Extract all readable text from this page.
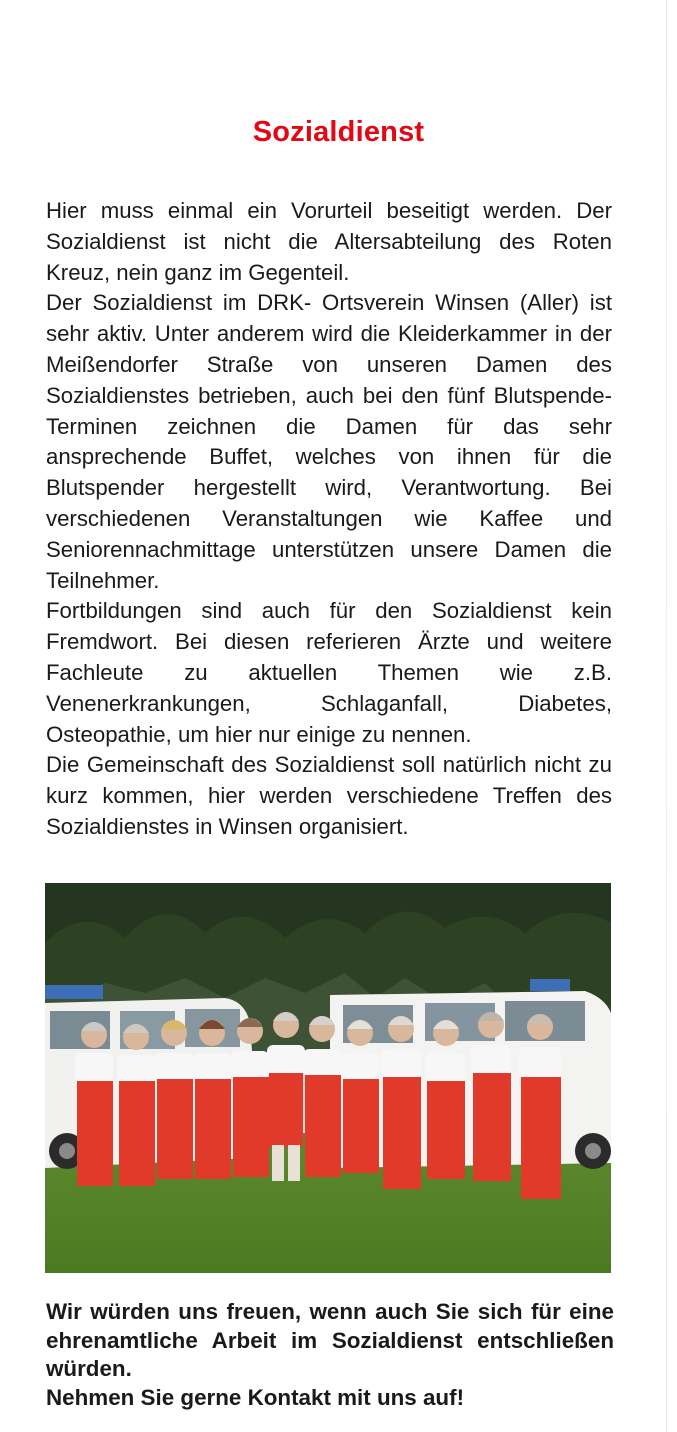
Sozialdienst

Hier muss einmal ein Vorurteil beseitigt werden. Der Sozialdienst ist nicht die Altersabteilung des Roten Kreuz, nein ganz im Gegenteil.

Der Sozialdienst im DRK- Ortsverein Winsen (Aller) ist sehr aktiv. Unter anderem wird die Kleiderkammer in der Meißendorfer Straße von unseren Damen des Sozialdienstes betrieben, auch bei den fünf Blutspende-Terminen zeichnen die Damen für das sehr ansprechende Buffet, welches von ihnen für die Blutspender hergestellt wird, Verantwortung. Bei verschiedenen Veranstaltungen wie Kaffee und Seniorennachmittage unterstützen unsere Damen die Teilnehmer.

Fortbildungen sind auch für den Sozialdienst kein Fremdwort. Bei diesen referieren Ärzte und weitere Fachleute zu aktuellen Themen wie z.B. Venenerkrankungen, Schlaganfall, Diabetes, Osteopathie, um hier nur einige zu nennen.

Die Gemeinschaft des Sozialdienst soll natürlich nicht zu kurz kommen, hier werden verschiedene Treffen des Sozialdienstes in Winsen organisiert.

Wir würden uns freuen, wenn auch Sie sich für eine ehrenamtliche Arbeit im Sozialdienst entschließen würden.

Nehmen Sie gerne Kontakt mit uns auf!
